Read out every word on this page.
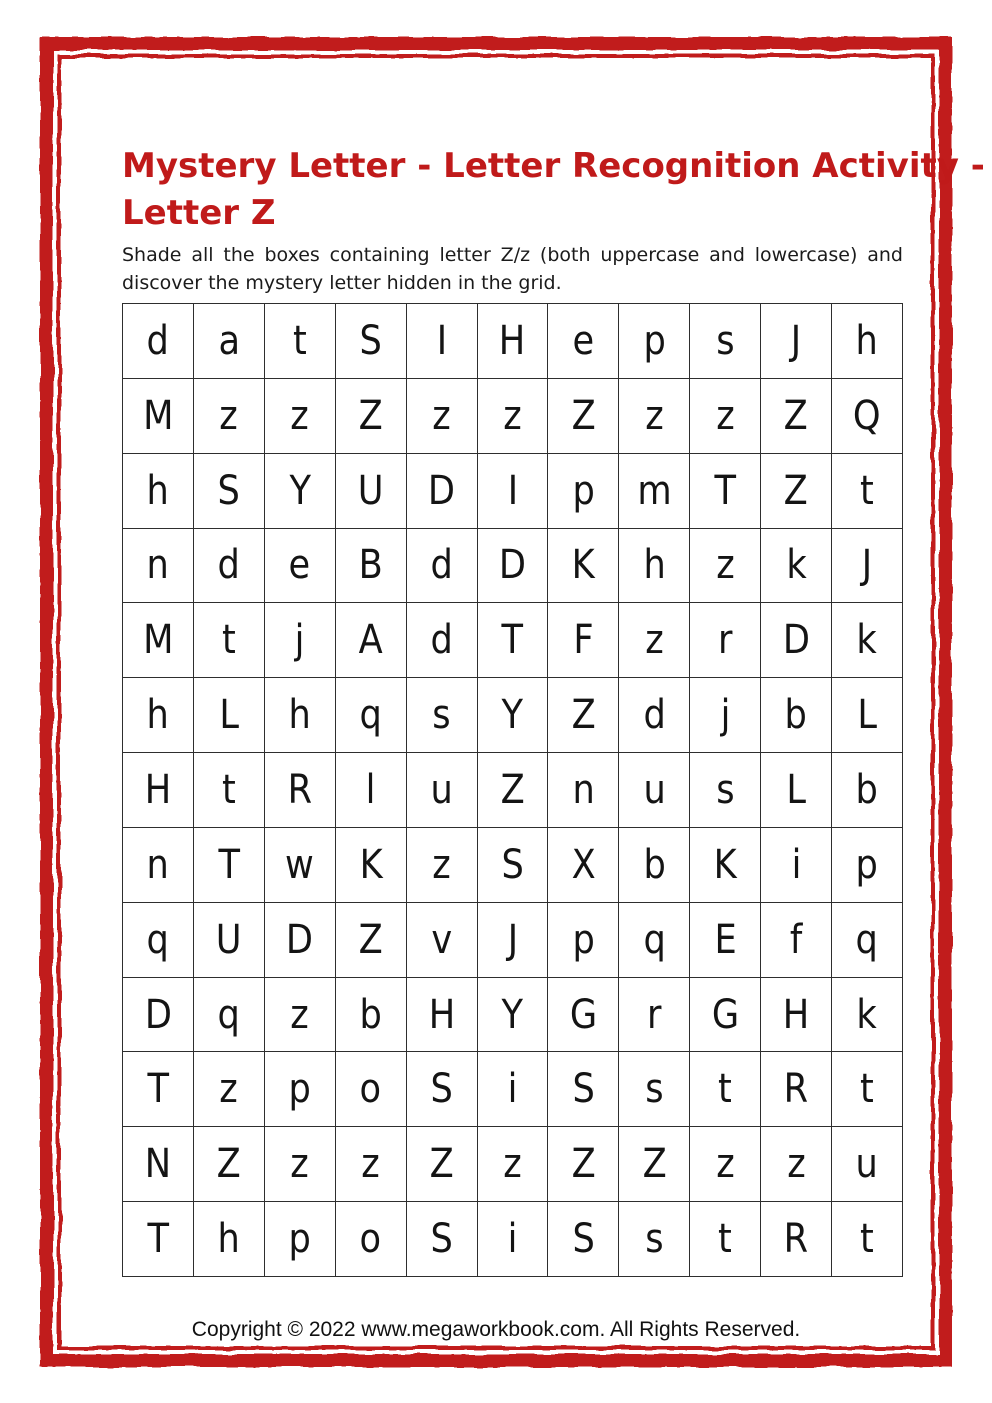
Mystery Letter - Letter Recognition Activity -
Letter Z

Shade all the boxes containing letter Z/z (both uppercase and lowercase) and discover the mystery letter hidden in the grid.

d a t S I H e p s J h
M z z Z z z Z z z Z Q
h S Y U D I p m T Z t
n d e B d D K h z k J
M t j A d T F z r D k
h L h q s Y Z d j b L
H t R l u Z n u s L b
n T w K z S X b K i p
q U D Z v J p q E f q
D q z b H Y G r G H k
T z p o S i S s t R t
N Z z z Z z Z Z z z u
T h p o S i S s t R t
Copyright © 2022 www.megaworkbook.com. All Rights Reserved.
